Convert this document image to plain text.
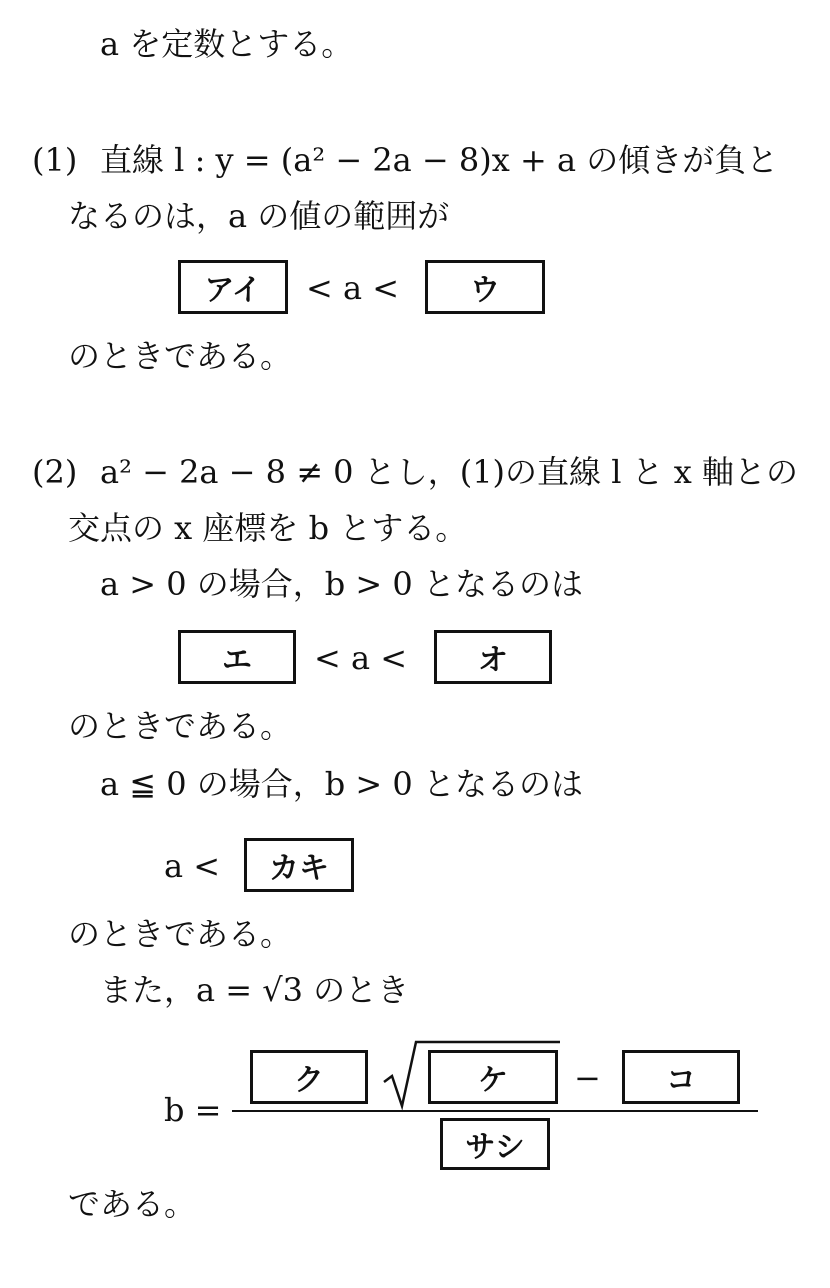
a を定数とする。
(1) 直線 l : y = (a² − 2a − 8)x + a の傾きが負と
なるのは，a の値の範囲が
アイ	< a <	ウ
のときである。
(2) a² − 2a − 8 ≠ 0 とし，(1)の直線 l と x 軸との
交点の x 座標を b とする。
a > 0 の場合，b > 0 となるのは
エ	< a <	オ
のときである。
a ≦ 0 の場合，b > 0 となるのは
a <	カキ
のときである。
また，a = √3 のとき
b =
ク	ケ	−	コ
サシ
である。
